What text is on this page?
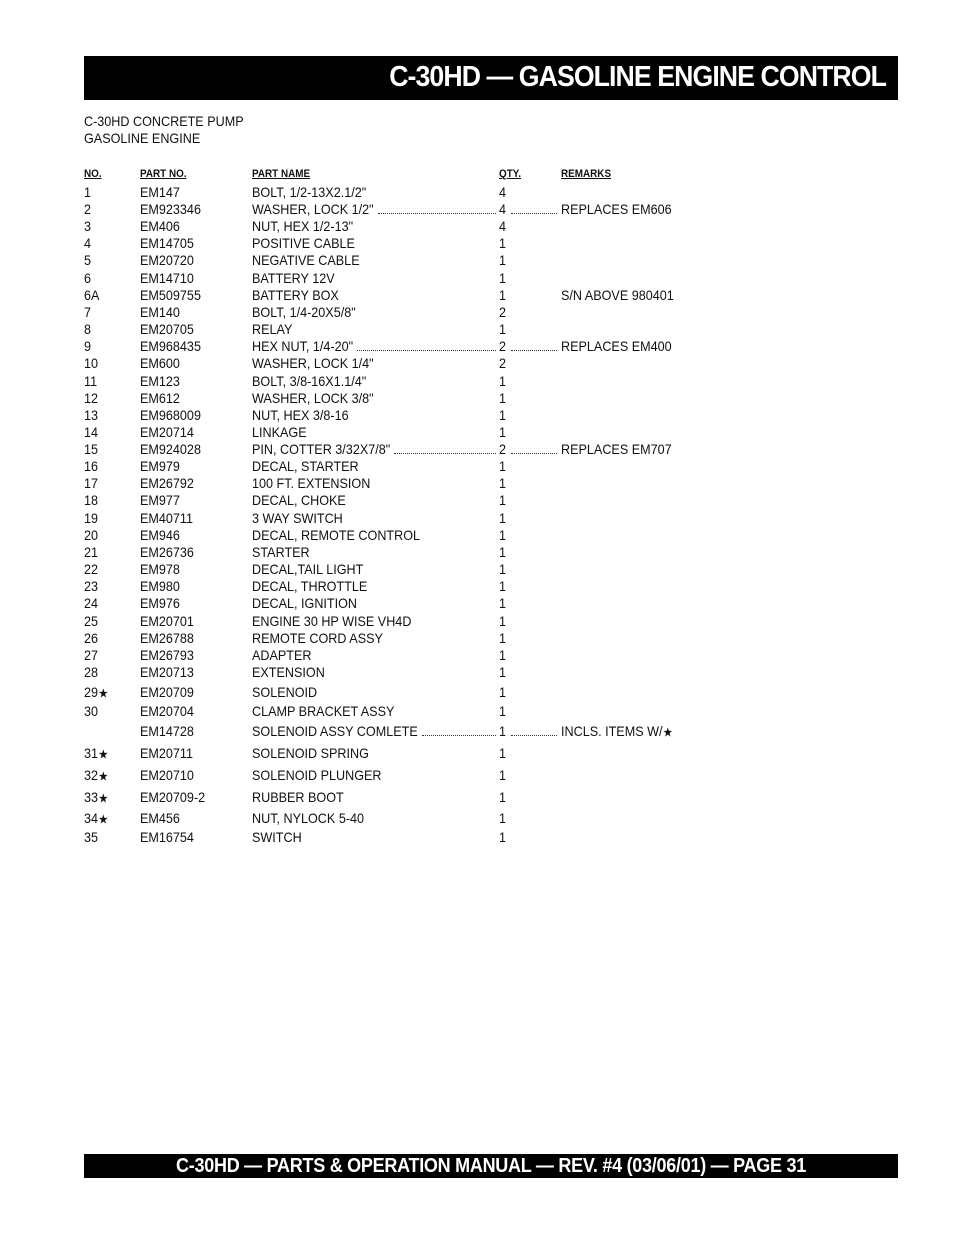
C-30HD — GASOLINE ENGINE CONTROL
C-30HD CONCRETE PUMP
GASOLINE ENGINE
NO.	PART NO.	PART NAME	QTY.	REMARKS
1	EM147	BOLT, 1/2-13X2.1/2"	4
2	EM923346	WASHER, LOCK 1/2"	4	REPLACES EM606
3	EM406	NUT, HEX 1/2-13"	4
4	EM14705	POSITIVE CABLE	1
5	EM20720	NEGATIVE CABLE	1
6	EM14710	BATTERY 12V	1
6A	EM509755	BATTERY BOX	1	S/N ABOVE 980401
7	EM140	BOLT, 1/4-20X5/8"	2
8	EM20705	RELAY	1
9	EM968435	HEX NUT, 1/4-20"	2	REPLACES EM400
10	EM600	WASHER, LOCK 1/4"	2
11	EM123	BOLT, 3/8-16X1.1/4"	1
12	EM612	WASHER, LOCK 3/8"	1
13	EM968009	NUT, HEX 3/8-16	1
14	EM20714	LINKAGE	1
15	EM924028	PIN, COTTER 3/32X7/8"	2	REPLACES EM707
16	EM979	DECAL, STARTER	1
17	EM26792	100 FT. EXTENSION	1
18	EM977	DECAL, CHOKE	1
19	EM40711	3 WAY SWITCH	1
20	EM946	DECAL, REMOTE CONTROL	1
21	EM26736	STARTER	1
22	EM978	DECAL,TAIL LIGHT	1
23	EM980	DECAL, THROTTLE	1
24	EM976	DECAL, IGNITION	1
25	EM20701	ENGINE 30 HP WISE VH4D	1
26	EM26788	REMOTE CORD ASSY	1
27	EM26793	ADAPTER	1
28	EM20713	EXTENSION	1
29★ EM20709	SOLENOID	1
30	EM20704	CLAMP BRACKET ASSY	1
EM14728	SOLENOID ASSY COMLETE	1	INCLS. ITEMS W/★
31★ EM20711	SOLENOID SPRING	1
32★ EM20710	SOLENOID PLUNGER	1
33★ EM20709-2	RUBBER BOOT	1
34★ EM456	NUT, NYLOCK 5-40	1
35	EM16754	SWITCH	1
C-30HD — PARTS & OPERATION MANUAL — REV. #4 (03/06/01) — PAGE 31
